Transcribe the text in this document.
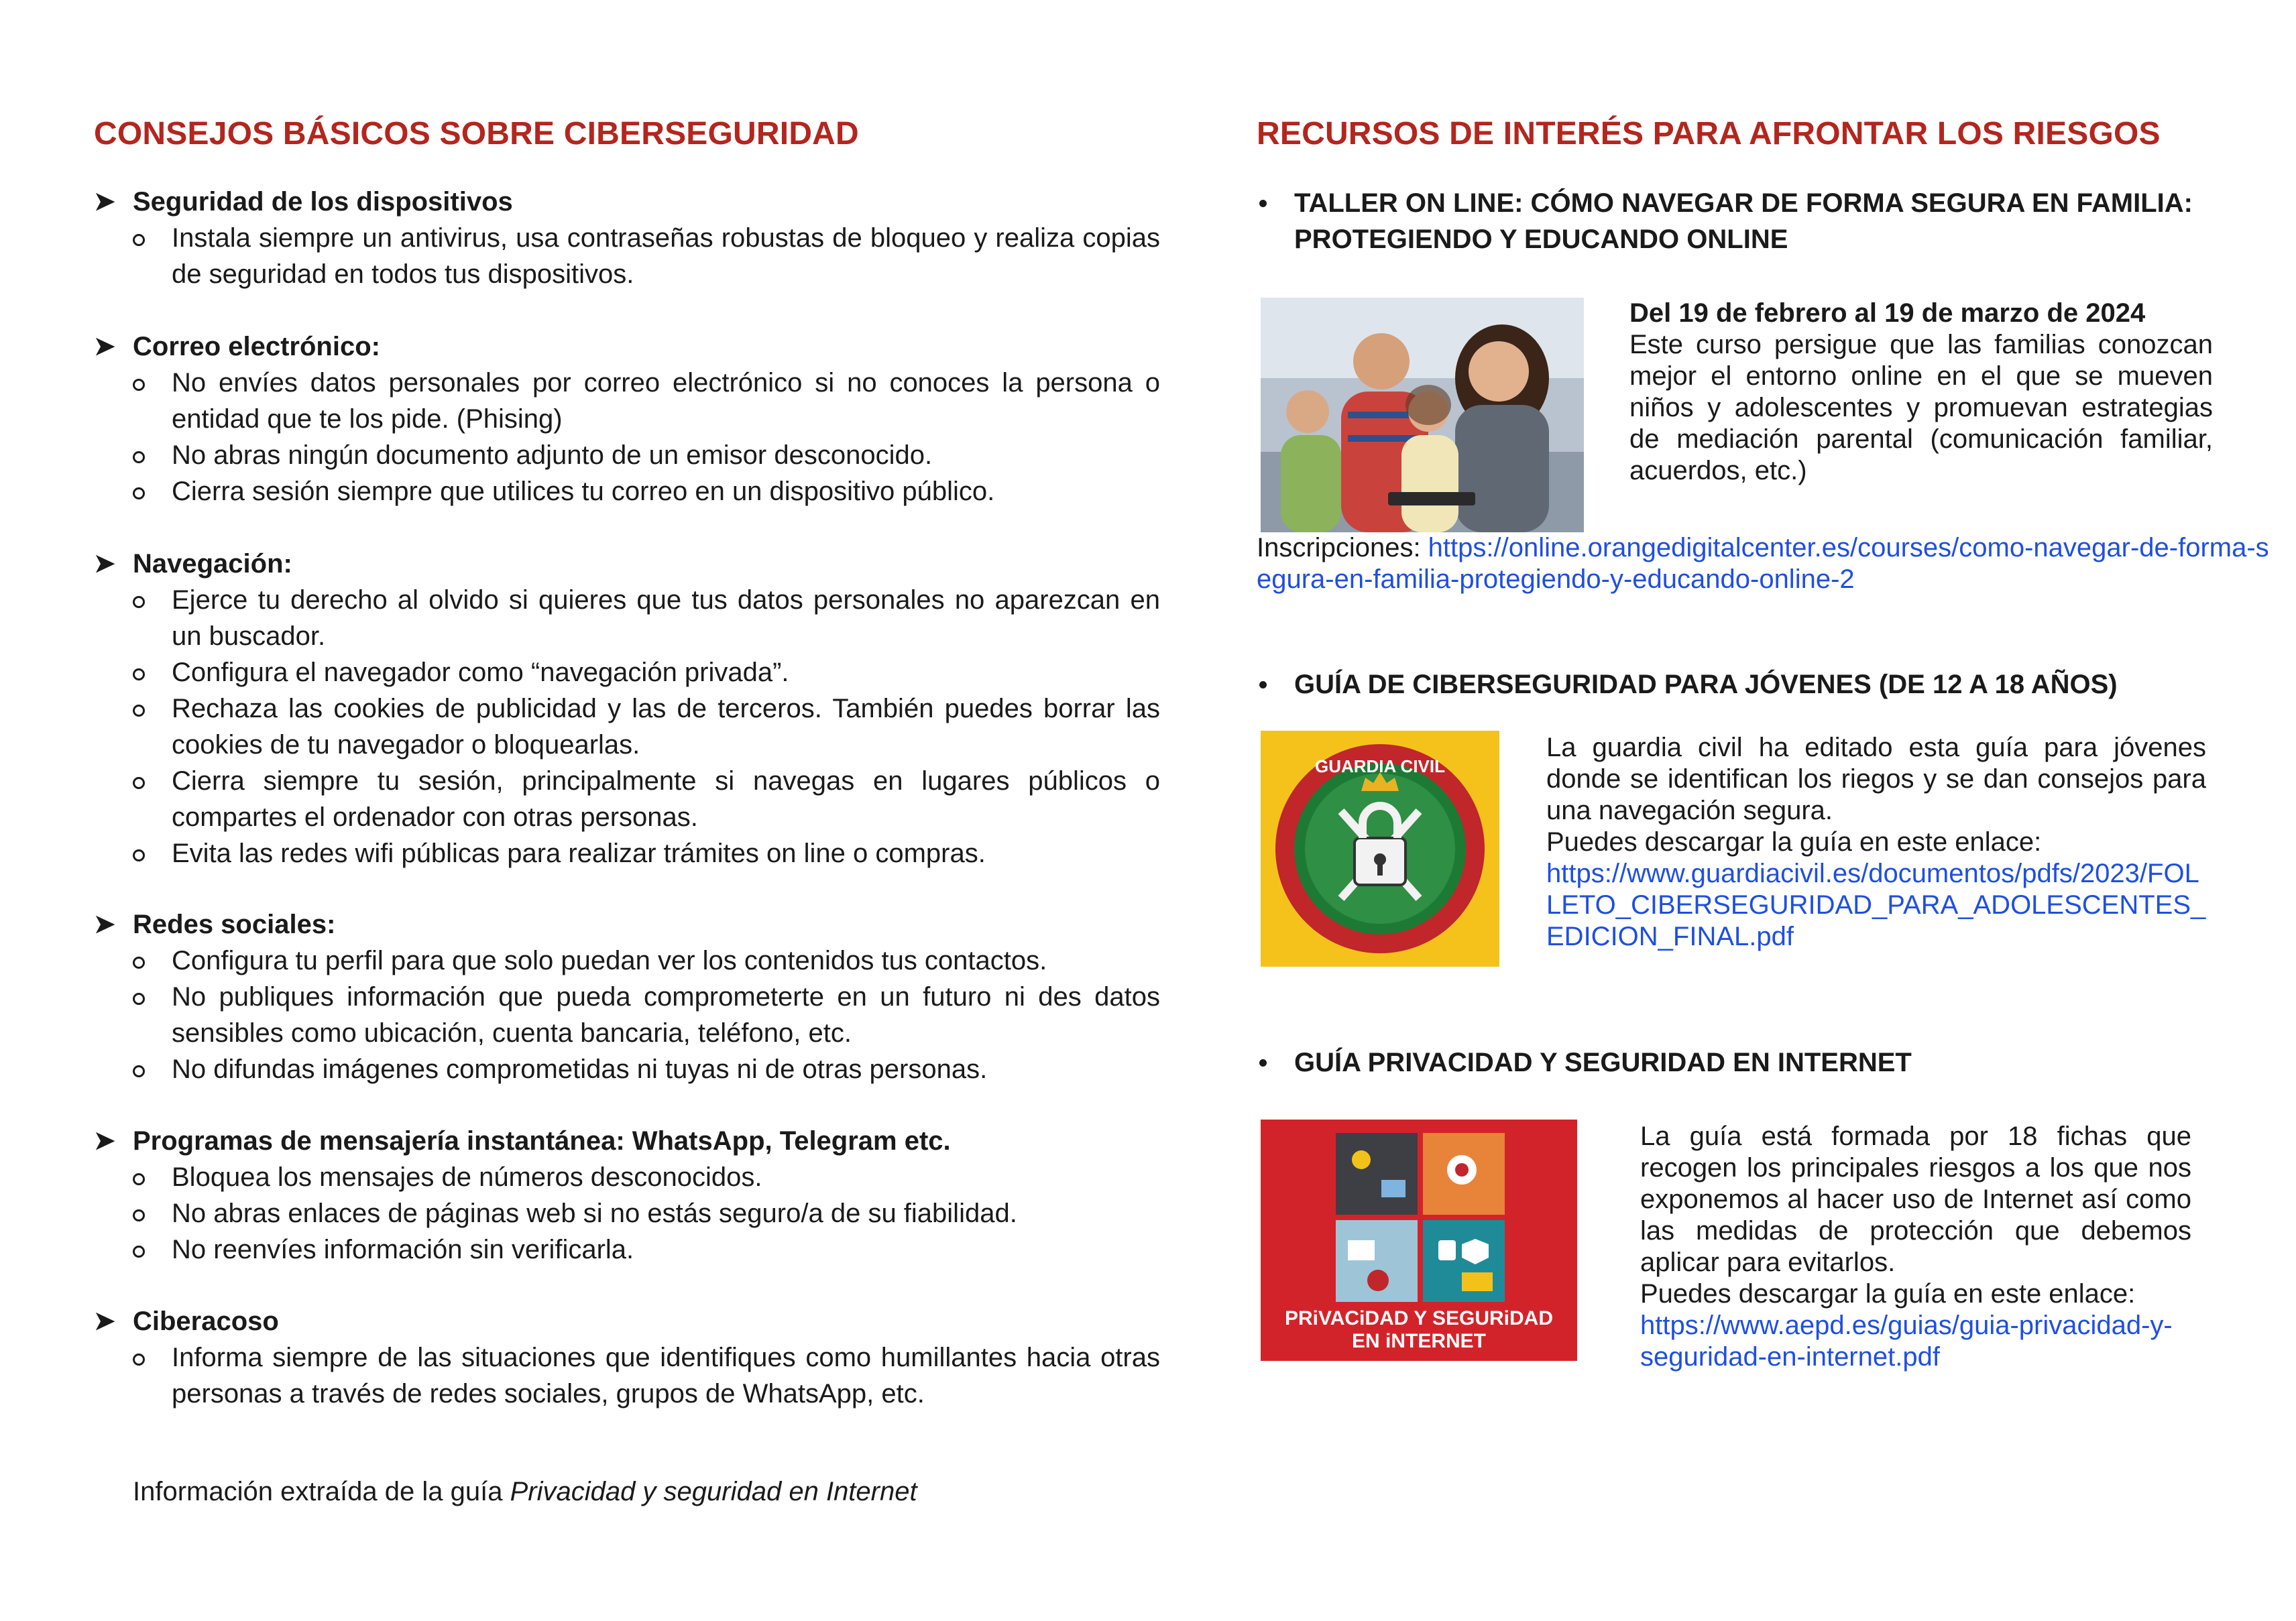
CONSEJOS BÁSICOS SOBRE CIBERSEGURIDAD
➤ Seguridad de los dispositivos
Instala siempre un antivirus, usa contraseñas robustas de bloqueo y realiza copias de seguridad en todos tus dispositivos.
➤ Correo electrónico:
No envíes datos personales por correo electrónico si no conoces la persona o entidad que te los pide. (Phising)
No abras ningún documento adjunto de un emisor desconocido.
Cierra sesión siempre que utilices tu correo en un dispositivo público.
➤ Navegación:
Ejerce tu derecho al olvido si quieres que tus datos personales no aparezcan en un buscador.
Configura el navegador como “navegación privada”.
Rechaza las cookies de publicidad y las de terceros. También puedes borrar las cookies de tu navegador o bloquearlas.
Cierra siempre tu sesión, principalmente si navegas en lugares públicos o compartes el ordenador con otras personas.
Evita las redes wifi públicas para realizar trámites on line o compras.
➤ Redes sociales:
Configura tu perfil para que solo puedan ver los contenidos tus contactos.
No publiques información que pueda comprometerte en un futuro ni des datos sensibles como ubicación, cuenta bancaria, teléfono, etc.
No difundas imágenes comprometidas ni tuyas ni de otras personas.
➤ Programas de mensajería instantánea: WhatsApp, Telegram etc.
Bloquea los mensajes de números desconocidos.
No abras enlaces de páginas web si no estás seguro/a de su fiabilidad.
No reenvíes información sin verificarla.
➤ Ciberacoso
Informa siempre de las situaciones que identifiques como humillantes hacia otras personas a través de redes sociales, grupos de WhatsApp, etc.
Información extraída de la guía Privacidad y seguridad en Internet
RECURSOS DE INTERÉS PARA AFRONTAR LOS RIESGOS
TALLER ON LINE: CÓMO NAVEGAR DE FORMA SEGURA EN FAMILIA: PROTEGIENDO Y EDUCANDO ONLINE
Del 19 de febrero al 19 de marzo de 2024
Este curso persigue que las familias conozcan mejor el entorno online en el que se mueven niños y adolescentes y promuevan estrategias de mediación parental (comunicación familiar, acuerdos, etc.)
Inscripciones: https://online.orangedigitalcenter.es/courses/como-navegar-de-forma-segura-en-familia-protegiendo-y-educando-online-2
GUÍA DE CIBERSEGURIDAD PARA JÓVENES (DE 12 A 18 AÑOS)
GUARDIA CIVIL
La guardia civil ha editado esta guía para jóvenes donde se identifican los riegos y se dan consejos para una navegación segura.
Puedes descargar la guía en este enlace:
https://www.guardiacivil.es/documentos/pdfs/2023/FOLLETO_CIBERSEGURIDAD_PARA_ADOLESCENTES_EDICION_FINAL.pdf
GUÍA PRIVACIDAD Y SEGURIDAD EN INTERNET
PRiVACiDAD Y SEGURiDAD
EN iNTERNET
La guía está formada por 18 fichas que recogen los principales riesgos a los que nos exponemos al hacer uso de Internet así como las medidas de protección que debemos aplicar para evitarlos.
Puedes descargar la guía en este enlace:
https://www.aepd.es/guias/guia-privacidad-y-seguridad-en-internet.pdf
